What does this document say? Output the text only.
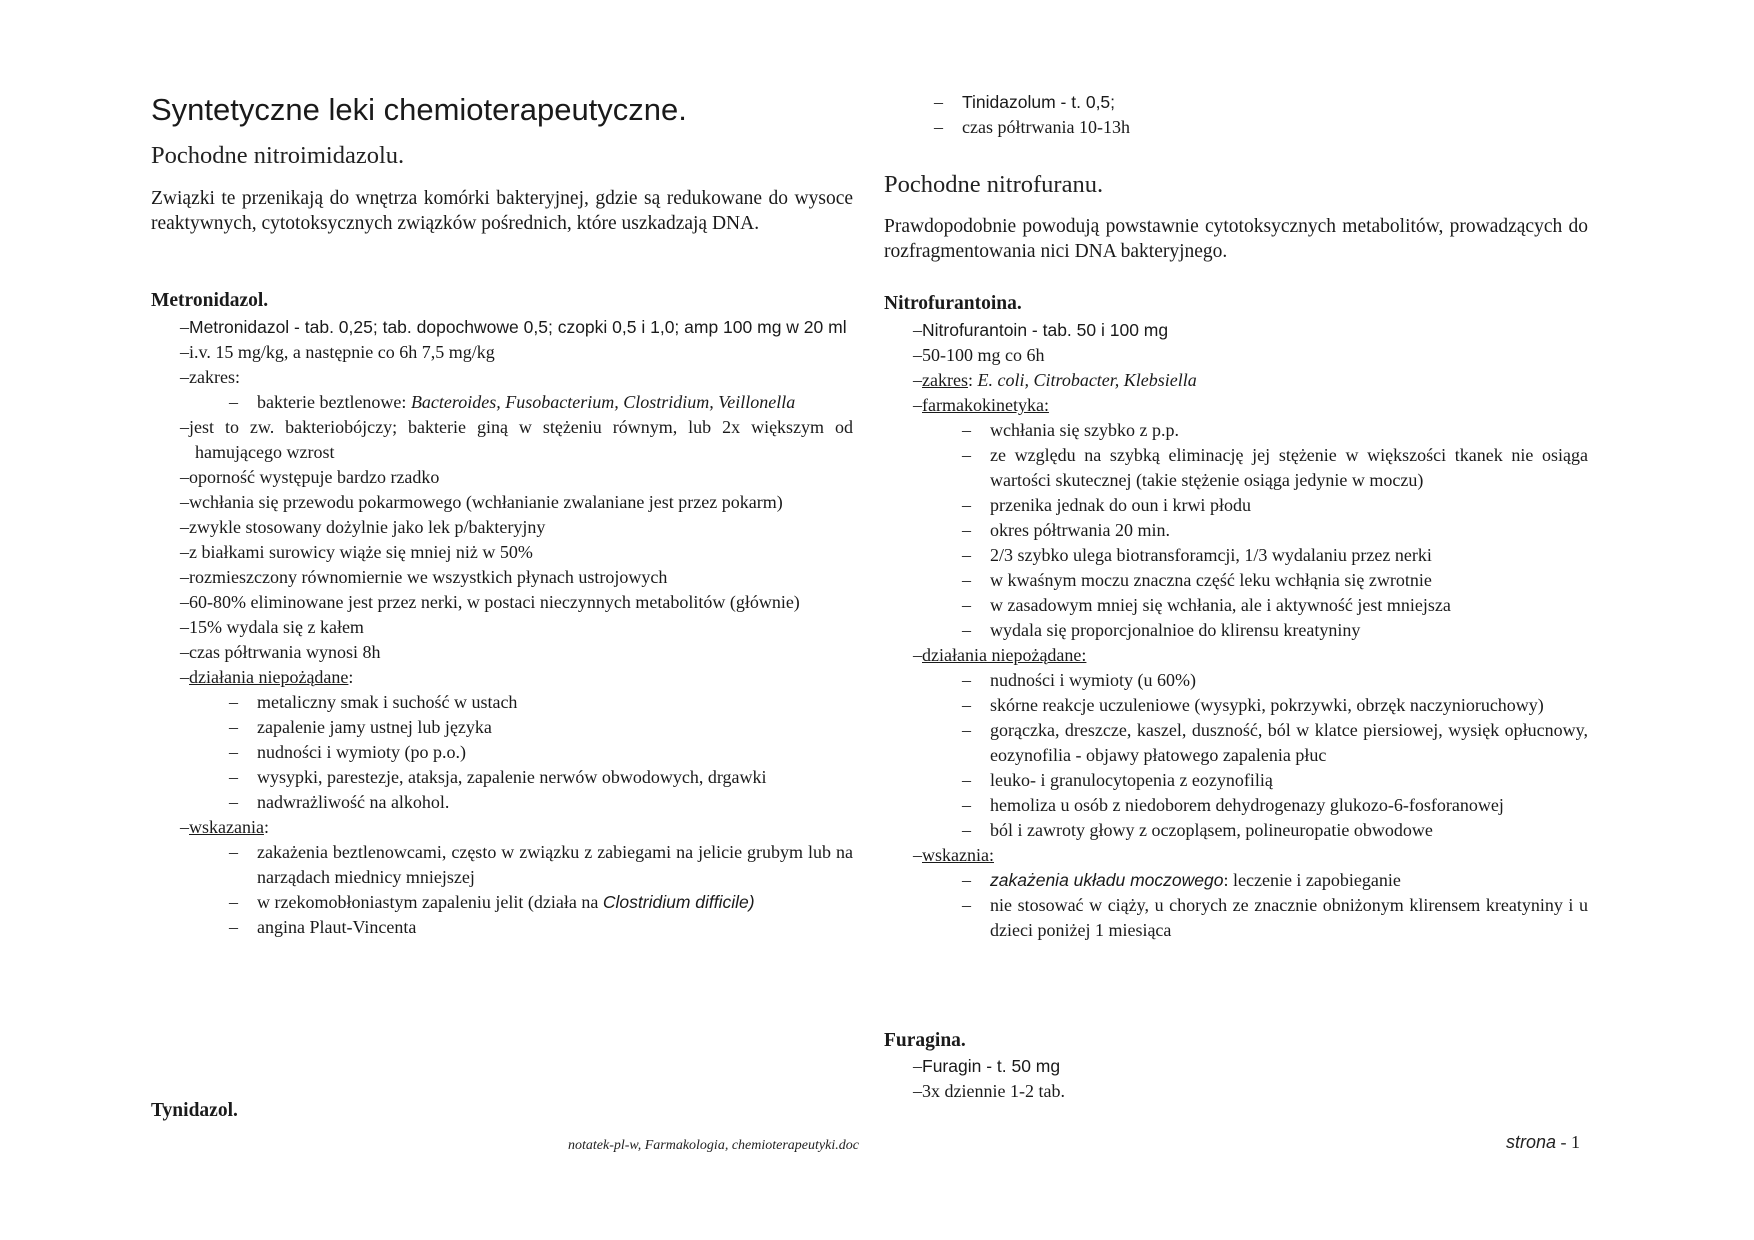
Syntetyczne leki chemioterapeutyczne.
Pochodne nitroimidazolu.
Związki te przenikają do wnętrza komórki bakteryjnej, gdzie są redukowane do wysoce reaktywnych, cytotoksycznych związków pośrednich, które uszkadzają DNA.
Metronidazol.
– Metronidazol - tab. 0,25; tab. dopochwowe 0,5; czopki 0,5 i 1,0; amp 100 mg w 20 ml
– i.v. 15 mg/kg, a następnie co 6h 7,5 mg/kg
– zakres:
– bakterie beztlenowe: Bacteroides, Fusobacterium, Clostridium, Veillonella
– jest to zw. bakteriobójczy; bakterie giną w stężeniu równym, lub 2x większym od hamującego wzrost
– oporność występuje bardzo rzadko
– wchłania się przewodu pokarmowego (wchłanianie zwalaniane jest przez pokarm)
– zwykle stosowany dożylnie jako lek p/bakteryjny
– z białkami surowicy wiąże się mniej niż w 50%
– rozmieszczony równomiernie we wszystkich płynach ustrojowych
– 60-80% eliminowane jest przez nerki, w postaci nieczynnych metabolitów (głównie)
– 15% wydala się z kałem
– czas półtrwania wynosi 8h
– działania niepożądane:
– metaliczny smak i suchość w ustach
– zapalenie jamy ustnej lub języka
– nudności i wymioty (po p.o.)
– wysypki, parestezje, ataksja, zapalenie nerwów obwodowych, drgawki
– nadwrażliwość na alkohol.
– wskazania:
– zakażenia beztlenowcami, często w związku z zabiegami na jelicie grubym lub na narządach miednicy mniejszej
– w rzekomobłoniastym zapaleniu jelit (działa na Clostridium difficile)
– angina Plaut-Vincenta
Tynidazol.
– Tinidazolum - t. 0,5;
– czas półtrwania 10-13h
Pochodne nitrofuranu.
Prawdopodobnie powodują powstawnie cytotoksycznych metabolitów, prowadzących do rozfragmentowania nici DNA bakteryjnego.
Nitrofurantoina.
– Nitrofurantoin - tab. 50 i 100 mg
– 50-100 mg co 6h
– zakres: E. coli, Citrobacter, Klebsiella
– farmakokinetyka:
– wchłania się szybko z p.p.
– ze względu na szybką eliminację jej stężenie w większości tkanek nie osiąga wartości skutecznej (takie stężenie osiąga jedynie w moczu)
– przenika jednak do oun i krwi płodu
– okres półtrwania 20 min.
– 2/3 szybko ulega biotransforamcji, 1/3 wydalaniu przez nerki
– w kwaśnym moczu znaczna część leku wchłąnia się zwrotnie
– w zasadowym mniej się wchłania, ale i aktywność jest mniejsza
– wydala się proporcjonalnioe do klirensu kreatyniny
– działania niepożądane:
– nudności i wymioty (u 60%)
– skórne reakcje uczuleniowe (wysypki, pokrzywki, obrzęk naczynioruchowy)
– gorączka, dreszcze, kaszel, duszność, ból w klatce piersiowej, wysięk opłucnowy, eozynofilia - objawy płatowego zapalenia płuc
– leuko- i granulocytopenia z eozynofilią
– hemoliza u osób z niedoborem dehydrogenazy glukozo-6-fosforanowej
– ból i zawroty głowy z oczopląsem, polineuropatie obwodowe
– wskaznia:
– zakażenia układu moczowego: leczenie i zapobieganie
– nie stosować w ciąży, u chorych ze znacznie obniżonym klirensem kreatyniny i u dzieci poniżej 1 miesiąca
Furagina.
– Furagin - t. 50 mg
– 3x dziennie 1-2 tab.
notatek-pl-w, Farmakologia, chemioterapeutyki.doc	strona - 1
